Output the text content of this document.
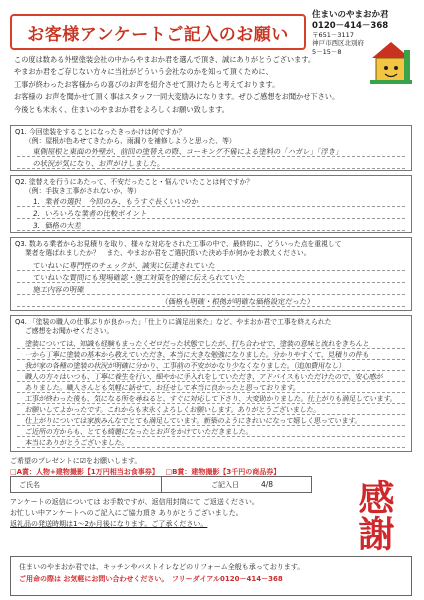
お客様アンケートご記入のお願い
住まいのやまおか君
0120－414－368
〒651－3117
神戸市西区北別府
5－15－8
この度は数ある外壁塗装会社の中からやまおか君を選んで頂き、誠にありがとうございます。
やまおか君をご存じない方々に当社がどういう会社なのかを知って頂くために、
工事が終わったお客様からの喜びのお声を紹介させて頂けたらと考えております。
お客様の お声を聞かせて頂く事はスタッフ一同大変励みになります。ぜひご感想をお聞かせ下さい。
今後とも末永く、住まいのやまおか君をよろしくお願い致します。
Q1. 今回塗装をすることになったきっかけは何ですか？
（例：屋根が色あせてきたから、雨漏りを補修しようと思った、等）
東側屋根と東面の外壁が、前回の塗替えの際、コーキング不備による塗料の「ハガレ」「浮き」
の状況が気になり、お声がけしました。
Q2. 塗替えを行うにあたって、不安だったこと・悩んでいたことは何ですか？
（例：手抜き工事がされないか、等）
1．業者の選択　今回のみ、もうすぐ長くいいのか
2．いろいろな業者の比較ポイント
3．価格の大差
Q3. 数ある業者からお見積りを取り、様々な対応をされた工事の中で、最終的に、どういった点を重視して
業者を選ばれましたか？　また、やまおか君をご選択頂いた決め手が何かをお教えください。
ていねいに専門性のチェックが、誠実に伝達されていた
ていねいな質問にも現場確認・施工対策を的確に伝えられていた
施工内容の明確
（価格も明確・根拠が明確な価格設定だった）
Q4. 「塗装の職人の仕事ぶりが良かった」「仕上りに満足出来た」など、やまおか君で工事を終えられた
ご感想をお聞かせください。
塗装については、知識も経験もまったくゼロだった状態でしたが、打ち合わせで、塗装の意味と流れをきちんと
一から丁寧に塗装の基本から教えていただき、本当に大きな勉強になりました。分かりやすくて、見積りの件も
我が家の各種の塗装の状況が明確に分かり、工事前の不安がかなり少なくなりました。（追加費用なし）
職人の方々はいつも、丁寧に養生を行い、細やかに手入れをしていただき、アドバイスもいただけたので、安心感が
ありました。職人さんとも気軽に話せて、お任せして本当に良かったと思っております。
工事が終わった後も、気になる所を尋ねると、すぐに対応して下さり、大変助かりました。仕上がりも満足しています。
お願いしてよかったです。これからも末永くよろしくお願いします。ありがとうございました。
仕上がりについては家族みんなでとても満足しています。新築のようにきれいになって嬉しく思っています。
ご近所の方からも、とても綺麗になったとお声をかけていただきました。
本当にありがとうございました。
ご希望のプレゼントに☑をお願いします。
□A賞：人物+建物撮影【1万円相当お食事券】 □B賞：建物撮影【3千円の商品券】
ご氏名	ご記入日	4/8 感謝
アンケートの返信については お手数ですが、返信用封筒にて ご返送ください。
お忙しい中アンケートへのご記入にご協力頂き ありがとうございました。
返礼品の発送時期は1～2か月後になります。ご了承ください。
住まいのやまおか君では、キッチンやバストイレなどのリフォーム全般も承っております。
ご用命の際は お気軽にお問い合わせください。　フリーダイアル0120－414－368
